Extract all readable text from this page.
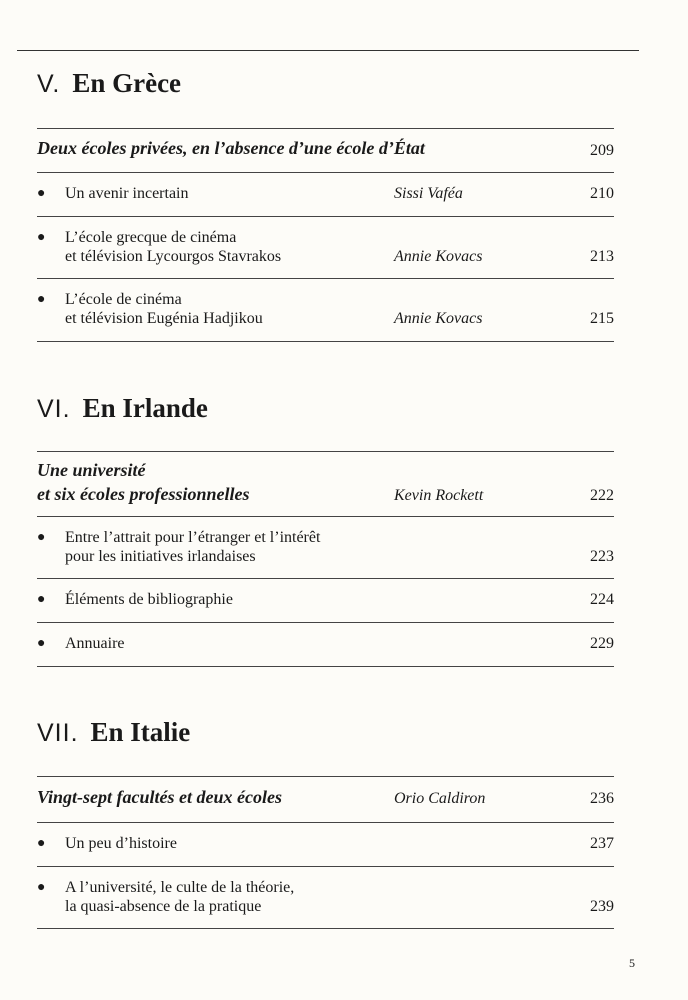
V. En Grèce
Deux écoles privées, en l’absence d’une école d’État	209
● Un avenir incertain	Sissi Vaféa	210
● L’école grecque de cinéma
et télévision Lycourgos Stavrakos	Annie Kovacs	213
● L’école de cinéma
et télévision Eugénia Hadjikou	Annie Kovacs	215
VI. En Irlande
Une université
et six écoles professionnelles	Kevin Rockett	222
● Entre l’attrait pour l’étranger et l’intérêt
pour les initiatives irlandaises	223
● Éléments de bibliographie	224
● Annuaire	229
VII. En Italie
Vingt-sept facultés et deux écoles	Orio Caldiron	236
● Un peu d’histoire	237
● A l’université, le culte de la théorie,
la quasi-absence de la pratique	239
5
